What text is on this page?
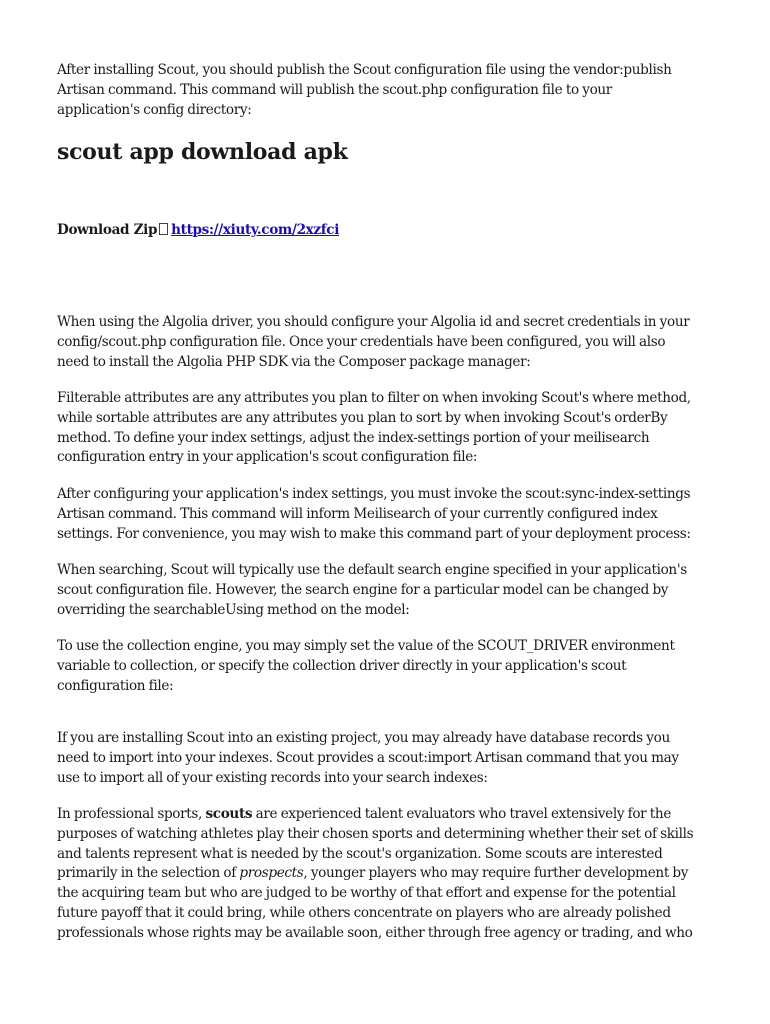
After installing Scout, you should publish the Scout configuration file using the vendor:publish
Artisan command. This command will publish the scout.php configuration file to your
application's config directory:

scout app download apk
Download Zip https://xiuty.com/2xzfci

When using the Algolia driver, you should configure your Algolia id and secret credentials in your
config/scout.php configuration file. Once your credentials have been configured, you will also
need to install the Algolia PHP SDK via the Composer package manager:

Filterable attributes are any attributes you plan to filter on when invoking Scout's where method,
while sortable attributes are any attributes you plan to sort by when invoking Scout's orderBy
method. To define your index settings, adjust the index-settings portion of your meilisearch
configuration entry in your application's scout configuration file:

After configuring your application's index settings, you must invoke the scout:sync-index-settings
Artisan command. This command will inform Meilisearch of your currently configured index
settings. For convenience, you may wish to make this command part of your deployment process:

When searching, Scout will typically use the default search engine specified in your application's
scout configuration file. However, the search engine for a particular model can be changed by
overriding the searchableUsing method on the model:

To use the collection engine, you may simply set the value of the SCOUT_DRIVER environment
variable to collection, or specify the collection driver directly in your application's scout
configuration file:

If you are installing Scout into an existing project, you may already have database records you
need to import into your indexes. Scout provides a scout:import Artisan command that you may
use to import all of your existing records into your search indexes:

In professional sports, scouts are experienced talent evaluators who travel extensively for the
purposes of watching athletes play their chosen sports and determining whether their set of skills
and talents represent what is needed by the scout's organization. Some scouts are interested
primarily in the selection of prospects, younger players who may require further development by
the acquiring team but who are judged to be worthy of that effort and expense for the potential
future payoff that it could bring, while others concentrate on players who are already polished
professionals whose rights may be available soon, either through free agency or trading, and who
